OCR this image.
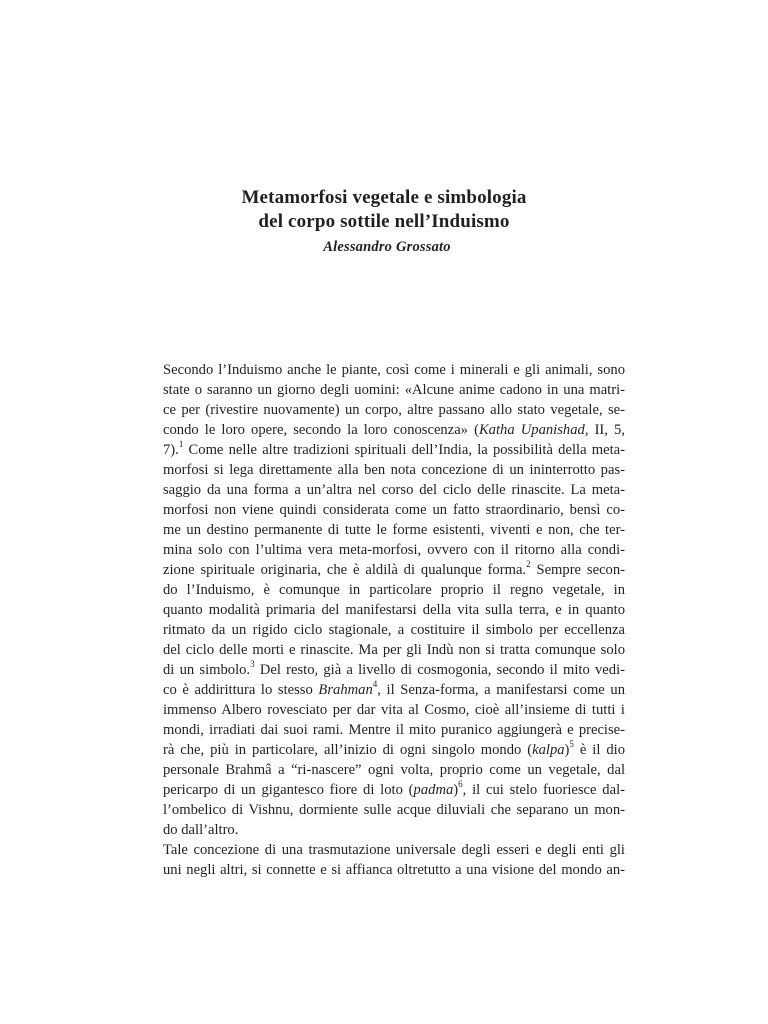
Metamorfosi vegetale e simbologia

del corpo sottile nell’Induismo

Alessandro Grossato

Secondo l’Induismo anche le piante, così come i minerali e gli animali, sono
state o saranno un giorno degli uomini: «Alcune anime cadono in una matri-
ce per (rivestire nuovamente) un corpo, altre passano allo stato vegetale, se-
condo le loro opere, secondo la loro conoscenza» (Katha Upanishad, II, 5,
7).$^1$ Come nelle altre tradizioni spirituali dell’India, la possibilità della meta-
morfosi si lega direttamente alla ben nota concezione di un ininterrotto pas-
saggio da una forma a un’altra nel corso del ciclo delle rinascite. La meta-
morfosi non viene quindi considerata come un fatto straordinario, bensì co-
me un destino permanente di tutte le forme esistenti, viventi e non, che ter-
mina solo con l’ultima vera meta-morfosi, ovvero con il ritorno alla condi-
zione spirituale originaria, che è aldilà di qualunque forma.$^2$ Sempre secon-
do l’Induismo, è comunque in particolare proprio il regno vegetale, in
quanto modalità primaria del manifestarsi della vita sulla terra, e in quanto
ritmato da un rigido ciclo stagionale, a costituire il simbolo per eccellenza
del ciclo delle morti e rinascite. Ma per gli Indù non si tratta comunque solo
di un simbolo.$^3$ Del resto, già a livello di cosmogonia, secondo il mito vedi-
co è addirittura lo stesso Brahman$^4$, il Senza-forma, a manifestarsi come un
immenso Albero rovesciato per dar vita al Cosmo, cioè all’insieme di tutti i
mondi, irradiati dai suoi rami. Mentre il mito puranico aggiungerà e precise-
rà che, più in particolare, all’inizio di ogni singolo mondo (kalpa)$^5$ è il dio
personale Brahmâ a “ri-nascere” ogni volta, proprio come un vegetale, dal
pericarpo di un gigantesco fiore di loto (padma)$^6$, il cui stelo fuoriesce dal-
l’ombelico di Vishnu, dormiente sulle acque diluviali che separano un mon-
do dall’altro.
Tale concezione di una trasmutazione universale degli esseri e degli enti gli
uni negli altri, si connette e si affianca oltretutto a una visione del mondo an-
